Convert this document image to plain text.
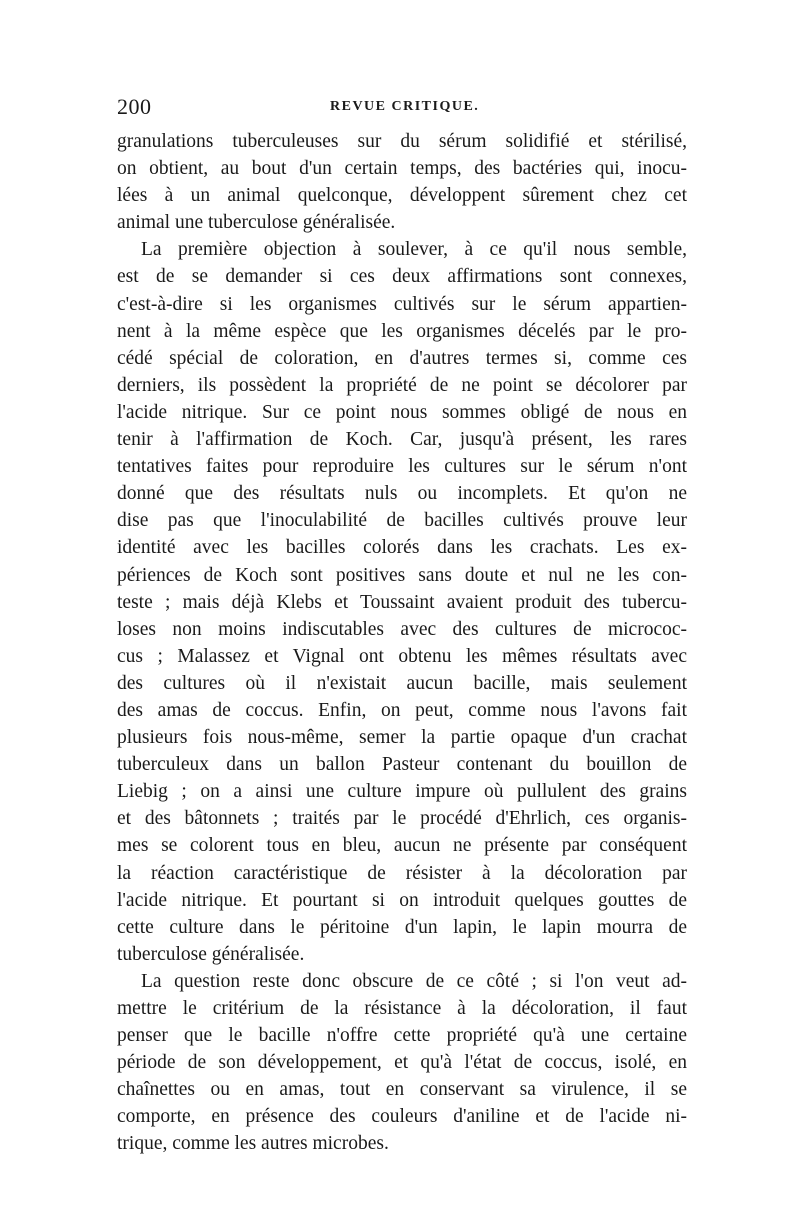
200	REVUE CRITIQUE.
granulations tuberculeuses sur du sérum solidifié et stérilisé,
on obtient, au bout d'un certain temps, des bactéries qui, inocu-
lées à un animal quelconque, développent sûrement chez cet
animal une tuberculose généralisée.
La première objection à soulever, à ce qu'il nous semble,
est de se demander si ces deux affirmations sont connexes,
c'est-à-dire si les organismes cultivés sur le sérum appartien-
nent à la même espèce que les organismes décelés par le pro-
cédé spécial de coloration, en d'autres termes si, comme ces
derniers, ils possèdent la propriété de ne point se décolorer par
l'acide nitrique. Sur ce point nous sommes obligé de nous en
tenir à l'affirmation de Koch. Car, jusqu'à présent, les rares
tentatives faites pour reproduire les cultures sur le sérum n'ont
donné que des résultats nuls ou incomplets. Et qu'on ne
dise pas que l'inoculabilité de bacilles cultivés prouve leur
identité avec les bacilles colorés dans les crachats. Les ex-
périences de Koch sont positives sans doute et nul ne les con-
teste ; mais déjà Klebs et Toussaint avaient produit des tubercu-
loses non moins indiscutables avec des cultures de micrococ-
cus ; Malassez et Vignal ont obtenu les mêmes résultats avec
des cultures où il n'existait aucun bacille, mais seulement
des amas de coccus. Enfin, on peut, comme nous l'avons fait
plusieurs fois nous-même, semer la partie opaque d'un crachat
tuberculeux dans un ballon Pasteur contenant du bouillon de
Liebig ; on a ainsi une culture impure où pullulent des grains
et des bâtonnets ; traités par le procédé d'Ehrlich, ces organis-
mes se colorent tous en bleu, aucun ne présente par conséquent
la réaction caractéristique de résister à la décoloration par
l'acide nitrique. Et pourtant si on introduit quelques gouttes de
cette culture dans le péritoine d'un lapin, le lapin mourra de
tuberculose généralisée.
La question reste donc obscure de ce côté ; si l'on veut ad-
mettre le critérium de la résistance à la décoloration, il faut
penser que le bacille n'offre cette propriété qu'à une certaine
période de son développement, et qu'à l'état de coccus, isolé, en
chaînettes ou en amas, tout en conservant sa virulence, il se
comporte, en présence des couleurs d'aniline et de l'acide ni-
trique, comme les autres microbes.
